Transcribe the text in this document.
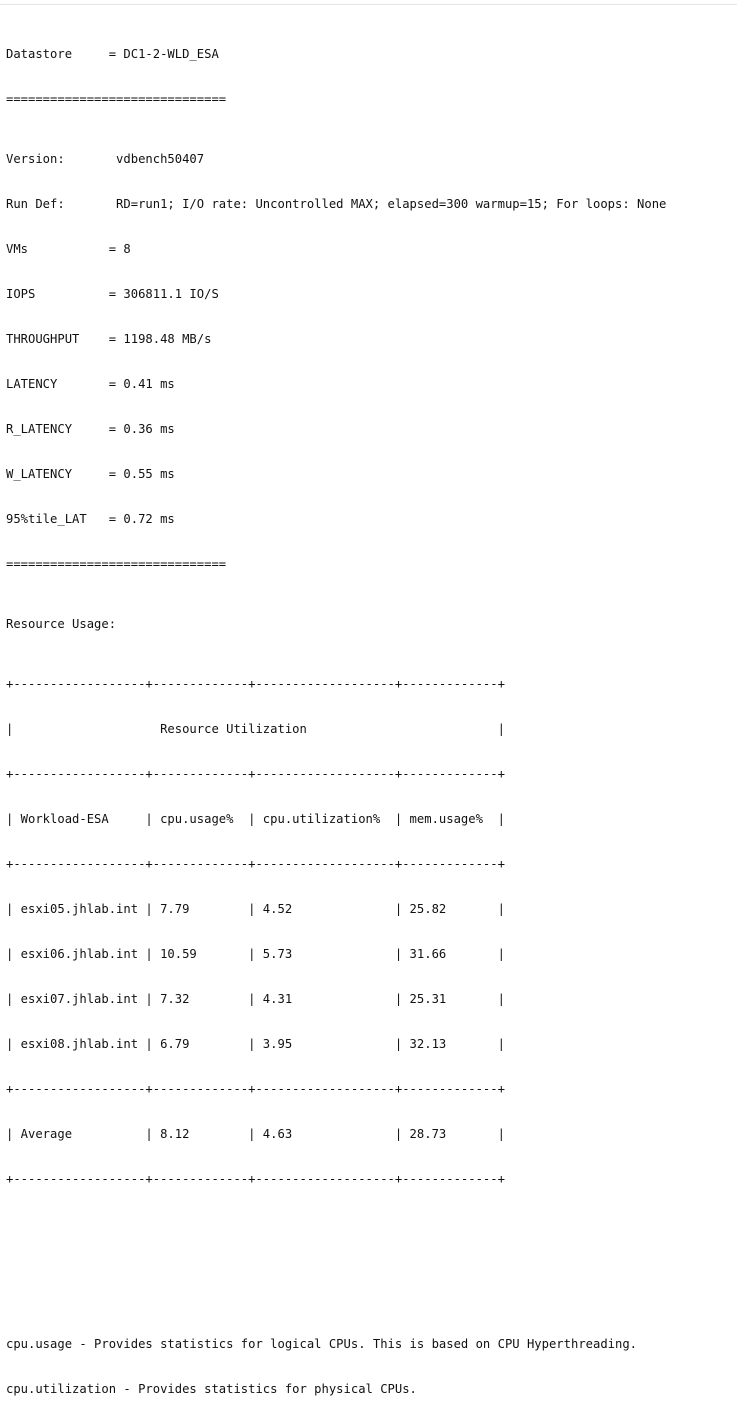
Datastore     = DC1-2-WLD_ESA

==============================

Version:       vdbench50407

Run Def:       RD=run1; I/O rate: Uncontrolled MAX; elapsed=300 warmup=15; For loops: None

VMs           = 8

IOPS          = 306811.1 IO/S

THROUGHPUT    = 1198.48 MB/s

LATENCY       = 0.41 ms

R_LATENCY     = 0.36 ms

W_LATENCY     = 0.55 ms

95%tile_LAT   = 0.72 ms

==============================

Resource Usage:

+------------------+-------------+-------------------+-------------+

|                    Resource Utilization                          |

+------------------+-------------+-------------------+-------------+

| Workload-ESA     | cpu.usage%  | cpu.utilization%  | mem.usage%  |

+------------------+-------------+-------------------+-------------+

| esxi05.jhlab.int | 7.79        | 4.52              | 25.82       |

| esxi06.jhlab.int | 10.59       | 5.73              | 31.66       |

| esxi07.jhlab.int | 7.32        | 4.31              | 25.31       |

| esxi08.jhlab.int | 6.79        | 3.95              | 32.13       |

+------------------+-------------+-------------------+-------------+

| Average          | 8.12        | 4.63              | 28.73       |

+------------------+-------------+-------------------+-------------+

cpu.usage - Provides statistics for logical CPUs. This is based on CPU Hyperthreading.

cpu.utilization - Provides statistics for physical CPUs.
